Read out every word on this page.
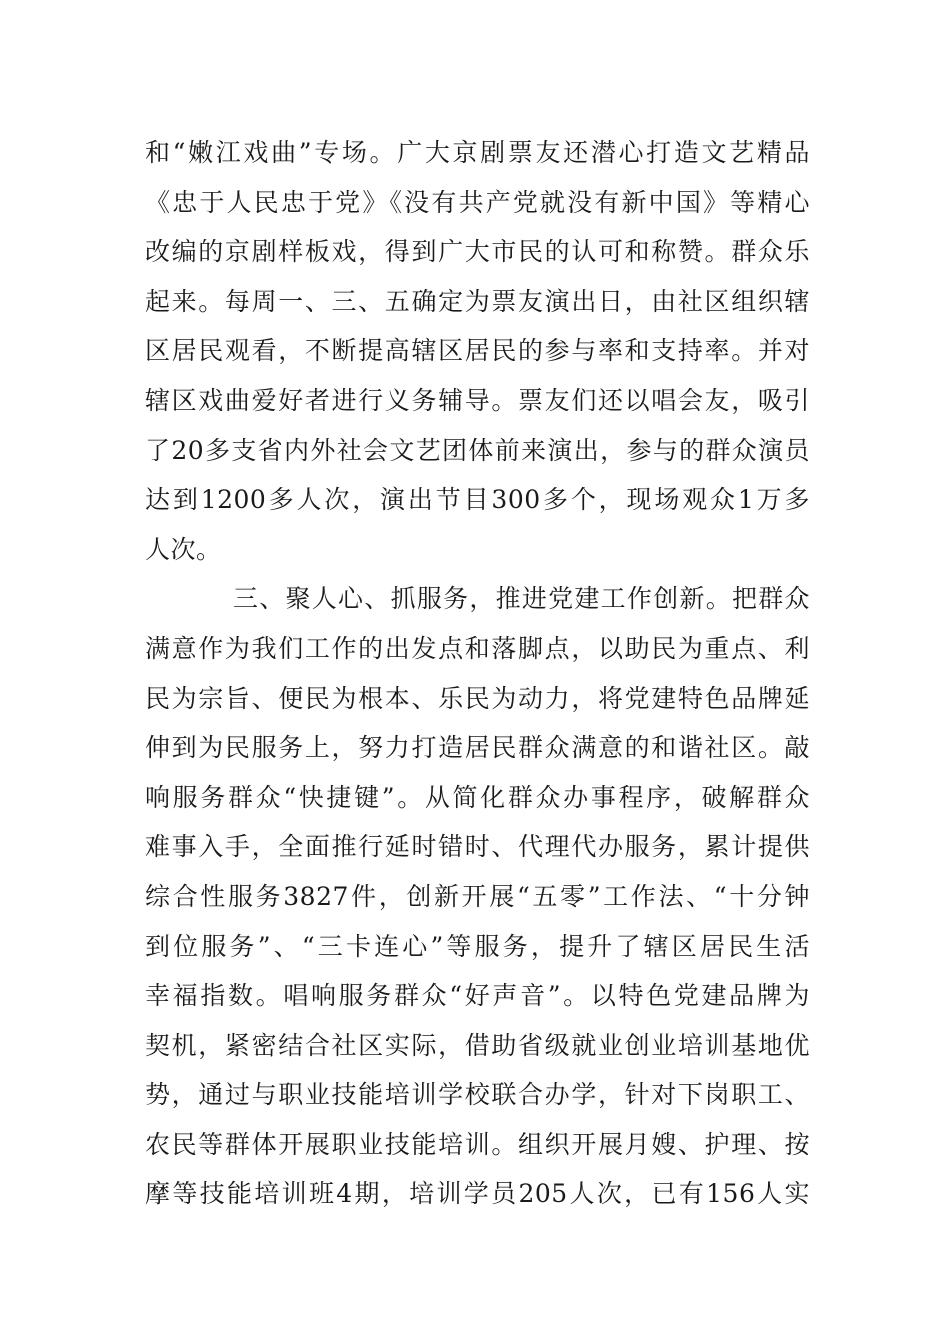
和“嫩江戏曲”专场。广大京剧票友还潜心打造文艺精品
《忠于人民忠于党》《没有共产党就没有新中国》等精心
改编的京剧样板戏，得到广大市民的认可和称赞。群众乐
起来。每周一、三、五确定为票友演出日，由社区组织辖
区居民观看，不断提高辖区居民的参与率和支持率。并对
辖区戏曲爱好者进行义务辅导。票友们还以唱会友，吸引
了20多支省内外社会文艺团体前来演出，参与的群众演员
达到1200多人次，演出节目300多个，现场观众1万多
人次。
三、聚人心、抓服务，推进党建工作创新。把群众
满意作为我们工作的出发点和落脚点，以助民为重点、利
民为宗旨、便民为根本、乐民为动力，将党建特色品牌延
伸到为民服务上，努力打造居民群众满意的和谐社区。敲
响服务群众“快捷键”。从简化群众办事程序，破解群众
难事入手，全面推行延时错时、代理代办服务，累计提供
综合性服务3827件，创新开展“五零”工作法、“十分钟
到位服务”、“三卡连心”等服务，提升了辖区居民生活
幸福指数。唱响服务群众“好声音”。以特色党建品牌为
契机，紧密结合社区实际，借助省级就业创业培训基地优
势，通过与职业技能培训学校联合办学，针对下岗职工、
农民等群体开展职业技能培训。组织开展月嫂、护理、按
摩等技能培训班4期，培训学员205人次，已有156人实
